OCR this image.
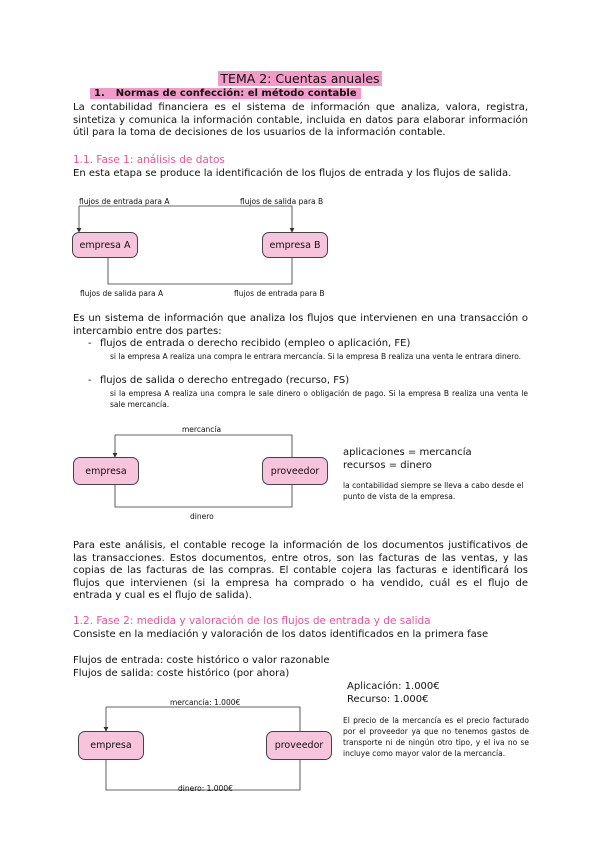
TEMA 2: Cuentas anuales
1. Normas de confección: el método contable
La contabilidad financiera es el sistema de información que analiza, valora, registra, sintetiza y comunica la información contable, incluida en datos para elaborar información útil para la toma de decisiones de los usuarios de la información contable.
1.1. Fase 1: análisis de datos
En esta etapa se produce la identificación de los flujos de entrada y los flujos de salida.
flujos de entrada para A	flujos de salida para B
empresa A	empresa B
flujos de salida para A	flujos de entrada para B
Es un sistema de información que analiza los flujos que intervienen en una transacción o intercambio entre dos partes:
- flujos de entrada o derecho recibido (empleo o aplicación, FE)
si la empresa A realiza una compra le entrara mercancía. Si la empresa B realiza una venta le entrara dinero.
- flujos de salida o derecho entregado (recurso, FS)
si la empresa A realiza una compra le sale dinero o obligación de pago. Si la empresa B realiza una venta le sale mercancía.
mercancía
empresa	proveedor
dinero
aplicaciones = mercancía
recursos = dinero
la contabilidad siempre se lleva a cabo desde el punto de vista de la empresa.
Para este análisis, el contable recoge la información de los documentos justificativos de las transacciones. Estos documentos, entre otros, son las facturas de las ventas, y las copias de las facturas de las compras. El contable cojera las facturas e identificará los flujos que intervienen (si la empresa ha comprado o ha vendido, cuál es el flujo de entrada y cual es el flujo de salida).
1.2. Fase 2: medida y valoración de los flujos de entrada y de salida
Consiste en la mediación y valoración de los datos identificados en la primera fase
Flujos de entrada: coste histórico o valor razonable
Flujos de salida: coste histórico (por ahora)
Aplicación: 1.000€
Recurso: 1.000€
El precio de la mercancía es el precio facturado por el proveedor ya que no tenemos gastos de transporte ni de ningún otro tipo, y el iva no se incluye como mayor valor de la mercancía.
mercancía: 1.000€
empresa	proveedor
dinero: 1.000€
